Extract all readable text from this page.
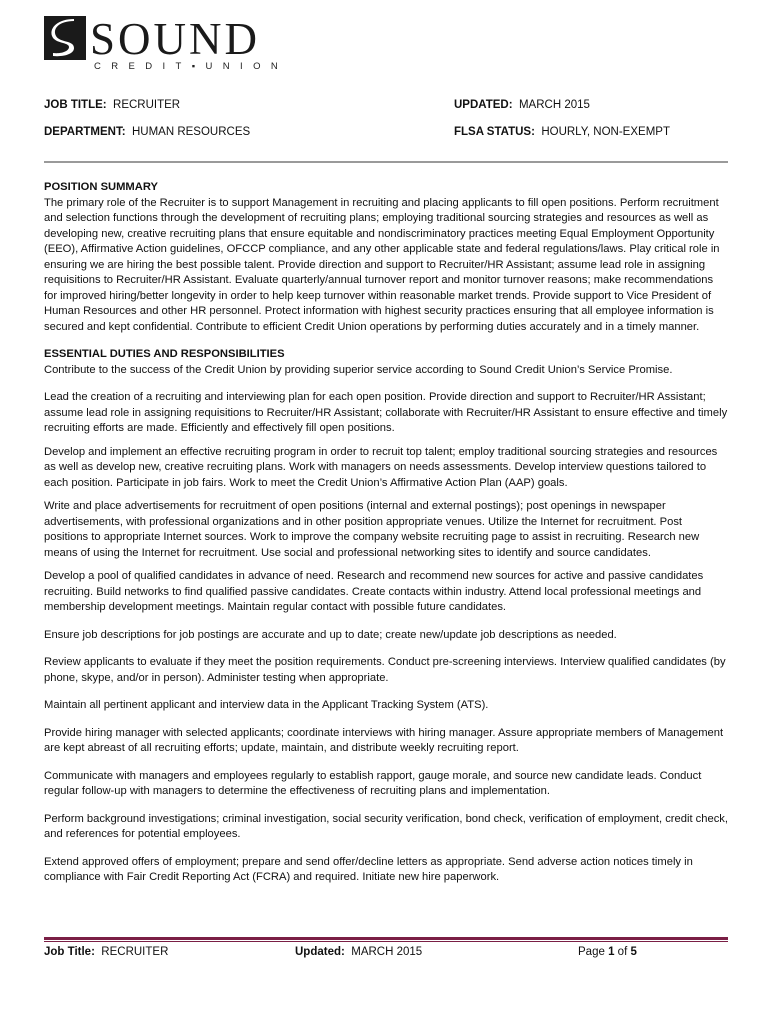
SOUND
CREDIT▪UNION
JOB TITLE: RECRUITER	UPDATED: MARCH 2015
DEPARTMENT: HUMAN RESOURCES	FLSA STATUS: HOURLY, NON-EXEMPT
POSITION SUMMARY

The primary role of the Recruiter is to support Management in recruiting and placing applicants to fill open positions. Perform recruitment and selection functions through the development of recruiting plans; employing traditional sourcing strategies and resources as well as developing new, creative recruiting plans that ensure equitable and nondiscriminatory practices meeting Equal Employment Opportunity (EEO), Affirmative Action guidelines, OFCCP compliance, and any other applicable state and federal regulations/laws. Play critical role in ensuring we are hiring the best possible talent. Provide direction and support to Recruiter/HR Assistant; assume lead role in assigning requisitions to Recruiter/HR Assistant. Evaluate quarterly/annual turnover report and monitor turnover reasons; make recommendations for improved hiring/better longevity in order to help keep turnover within reasonable market trends. Provide support to Vice President of Human Resources and other HR personnel. Protect information with highest security practices ensuring that all employee information is secured and kept confidential. Contribute to efficient Credit Union operations by performing duties accurately and in a timely manner.

ESSENTIAL DUTIES AND RESPONSIBILITIES

Contribute to the success of the Credit Union by providing superior service according to Sound Credit Union’s Service Promise.

Lead the creation of a recruiting and interviewing plan for each open position. Provide direction and support to Recruiter/HR Assistant; assume lead role in assigning requisitions to Recruiter/HR Assistant; collaborate with Recruiter/HR Assistant to ensure effective and timely recruiting efforts are made. Efficiently and effectively fill open positions.

Develop and implement an effective recruiting program in order to recruit top talent; employ traditional sourcing strategies and resources as well as develop new, creative recruiting plans. Work with managers on needs assessments. Develop interview questions tailored to each position. Participate in job fairs. Work to meet the Credit Union’s Affirmative Action Plan (AAP) goals.

Write and place advertisements for recruitment of open positions (internal and external postings); post openings in newspaper advertisements, with professional organizations and in other position appropriate venues. Utilize the Internet for recruitment. Post positions to appropriate Internet sources. Work to improve the company website recruiting page to assist in recruiting. Research new means of using the Internet for recruitment. Use social and professional networking sites to identify and source candidates.

Develop a pool of qualified candidates in advance of need. Research and recommend new sources for active and passive candidates recruiting. Build networks to find qualified passive candidates. Create contacts within industry. Attend local professional meetings and membership development meetings. Maintain regular contact with possible future candidates.

Ensure job descriptions for job postings are accurate and up to date; create new/update job descriptions as needed.

Review applicants to evaluate if they meet the position requirements. Conduct pre-screening interviews. Interview qualified candidates (by phone, skype, and/or in person). Administer testing when appropriate.

Maintain all pertinent applicant and interview data in the Applicant Tracking System (ATS).

Provide hiring manager with selected applicants; coordinate interviews with hiring manager. Assure appropriate members of Management are kept abreast of all recruiting efforts; update, maintain, and distribute weekly recruiting report.

Communicate with managers and employees regularly to establish rapport, gauge morale, and source new candidate leads. Conduct regular follow-up with managers to determine the effectiveness of recruiting plans and implementation.

Perform background investigations; criminal investigation, social security verification, bond check, verification of employment, credit check, and references for potential employees.

Extend approved offers of employment; prepare and send offer/decline letters as appropriate. Send adverse action notices timely in compliance with Fair Credit Reporting Act (FCRA) and required. Initiate new hire paperwork.

Job Title: RECRUITER	Updated: MARCH 2015	Page 1 of 5
